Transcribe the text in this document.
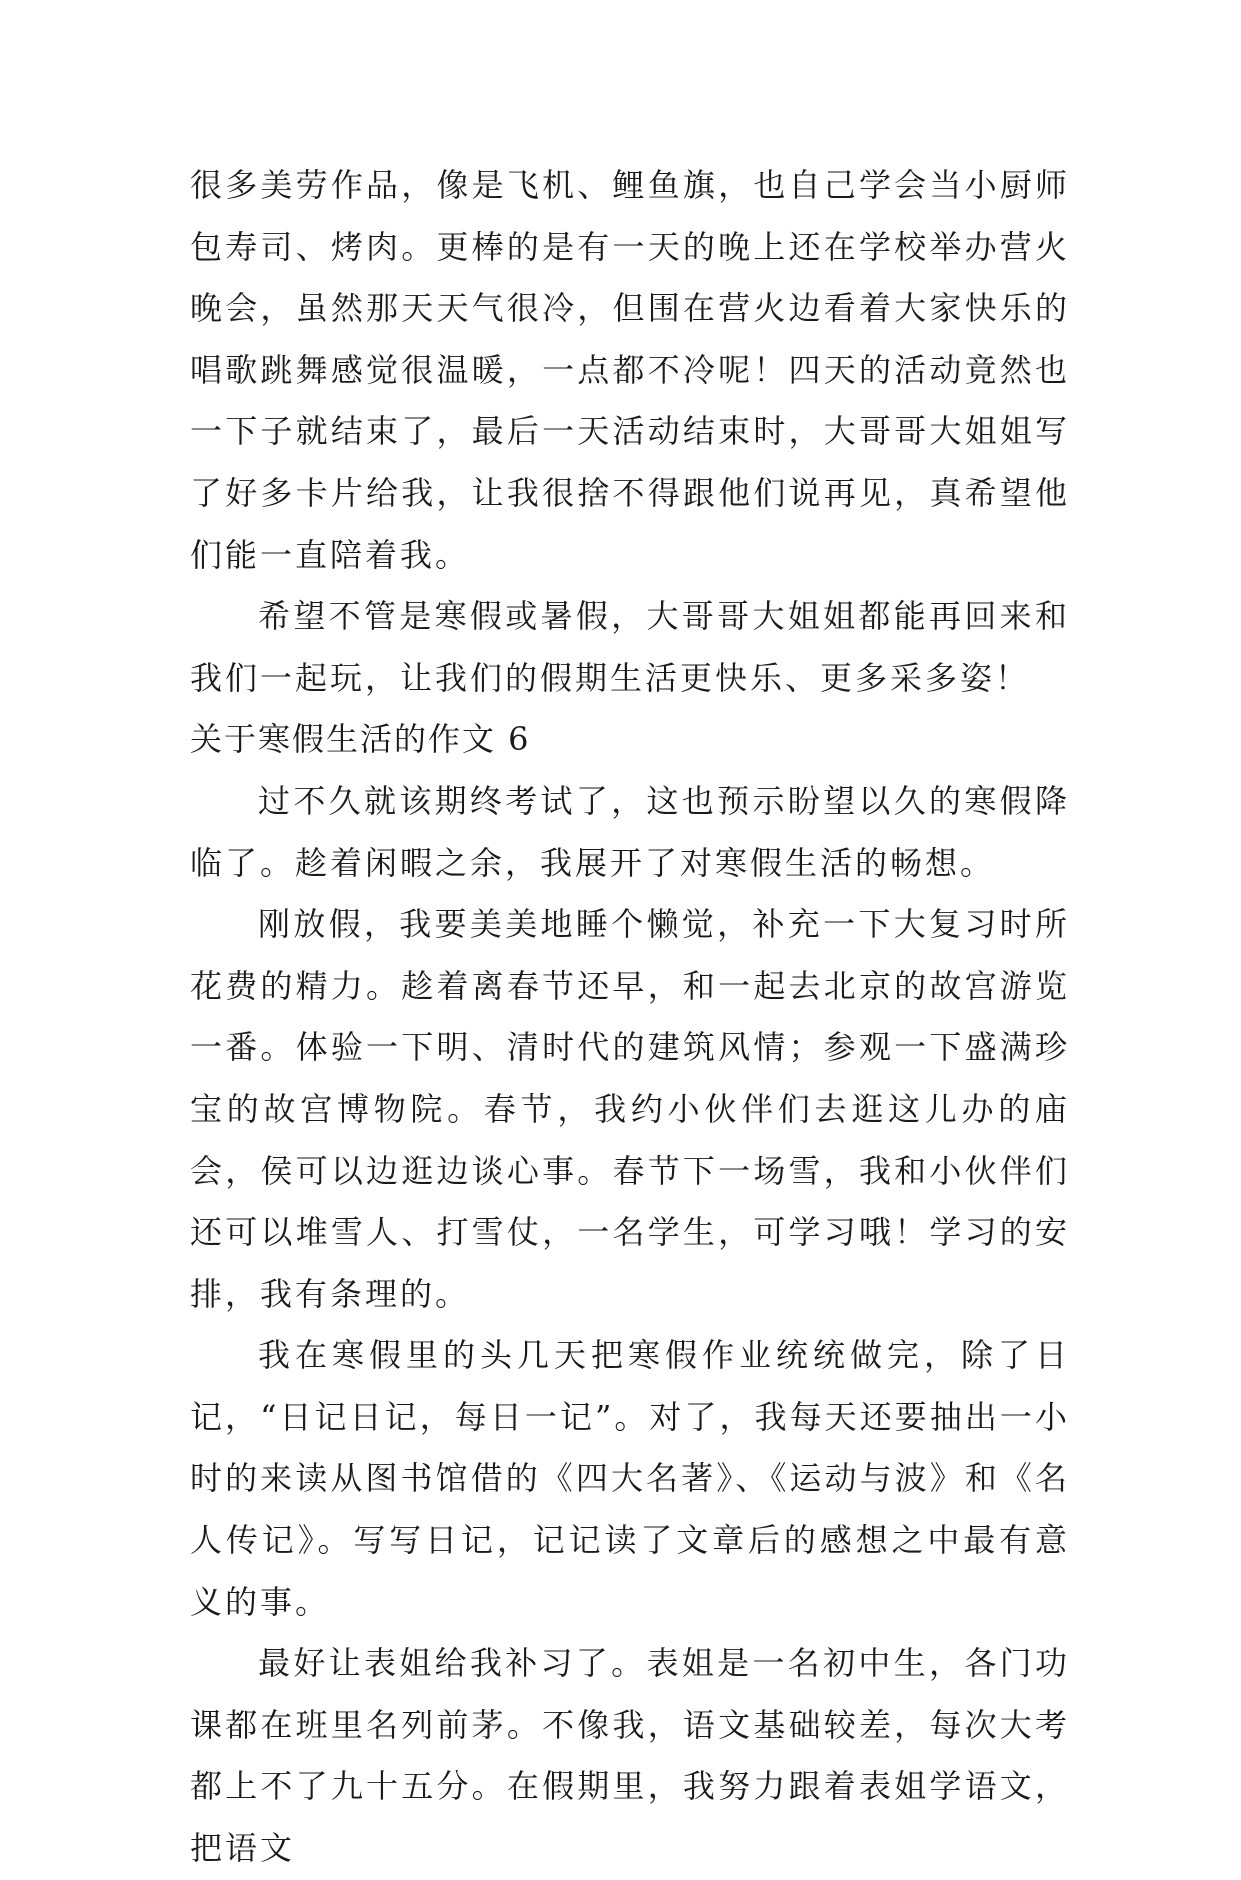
很多美劳作品，像是飞机、鲤鱼旗，也自己学会当小厨师包寿司、烤肉。更棒的是有一天的晚上还在学校举办营火晚会，虽然那天天气很冷，但围在营火边看着大家快乐的唱歌跳舞感觉很温暖，一点都不冷呢！四天的活动竟然也一下子就结束了，最后一天活动结束时，大哥哥大姐姐写了好多卡片给我，让我很捨不得跟他们说再见，真希望他们能一直陪着我。

希望不管是寒假或暑假，大哥哥大姐姐都能再回来和我们一起玩，让我们的假期生活更快乐、更多采多姿！

关于寒假生活的作文 6

过不久就该期终考试了，这也预示盼望以久的寒假降临了。趁着闲暇之余，我展开了对寒假生活的畅想。

刚放假，我要美美地睡个懒觉，补充一下大复习时所花费的精力。趁着离春节还早，和一起去北京的故宫游览一番。体验一下明、清时代的建筑风情；参观一下盛满珍宝的故宫博物院。春节，我约小伙伴们去逛这儿办的庙会，侯可以边逛边谈心事。春节下一场雪，我和小伙伴们还可以堆雪人、打雪仗，一名学生，可学习哦！学习的安排，我有条理的。

我在寒假里的头几天把寒假作业统统做完，除了日记，“日记日记，每日一记”。对了，我每天还要抽出一小时的来读从图书馆借的《四大名著》、《运动与波》和《名人传记》。写写日记，记记读了文章后的感想之中最有意义的事。

最好让表姐给我补习了。表姐是一名初中生，各门功课都在班里名列前茅。不像我，语文基础较差，每次大考都上不了九十五分。在假期里，我努力跟着表姐学语文，把语文
